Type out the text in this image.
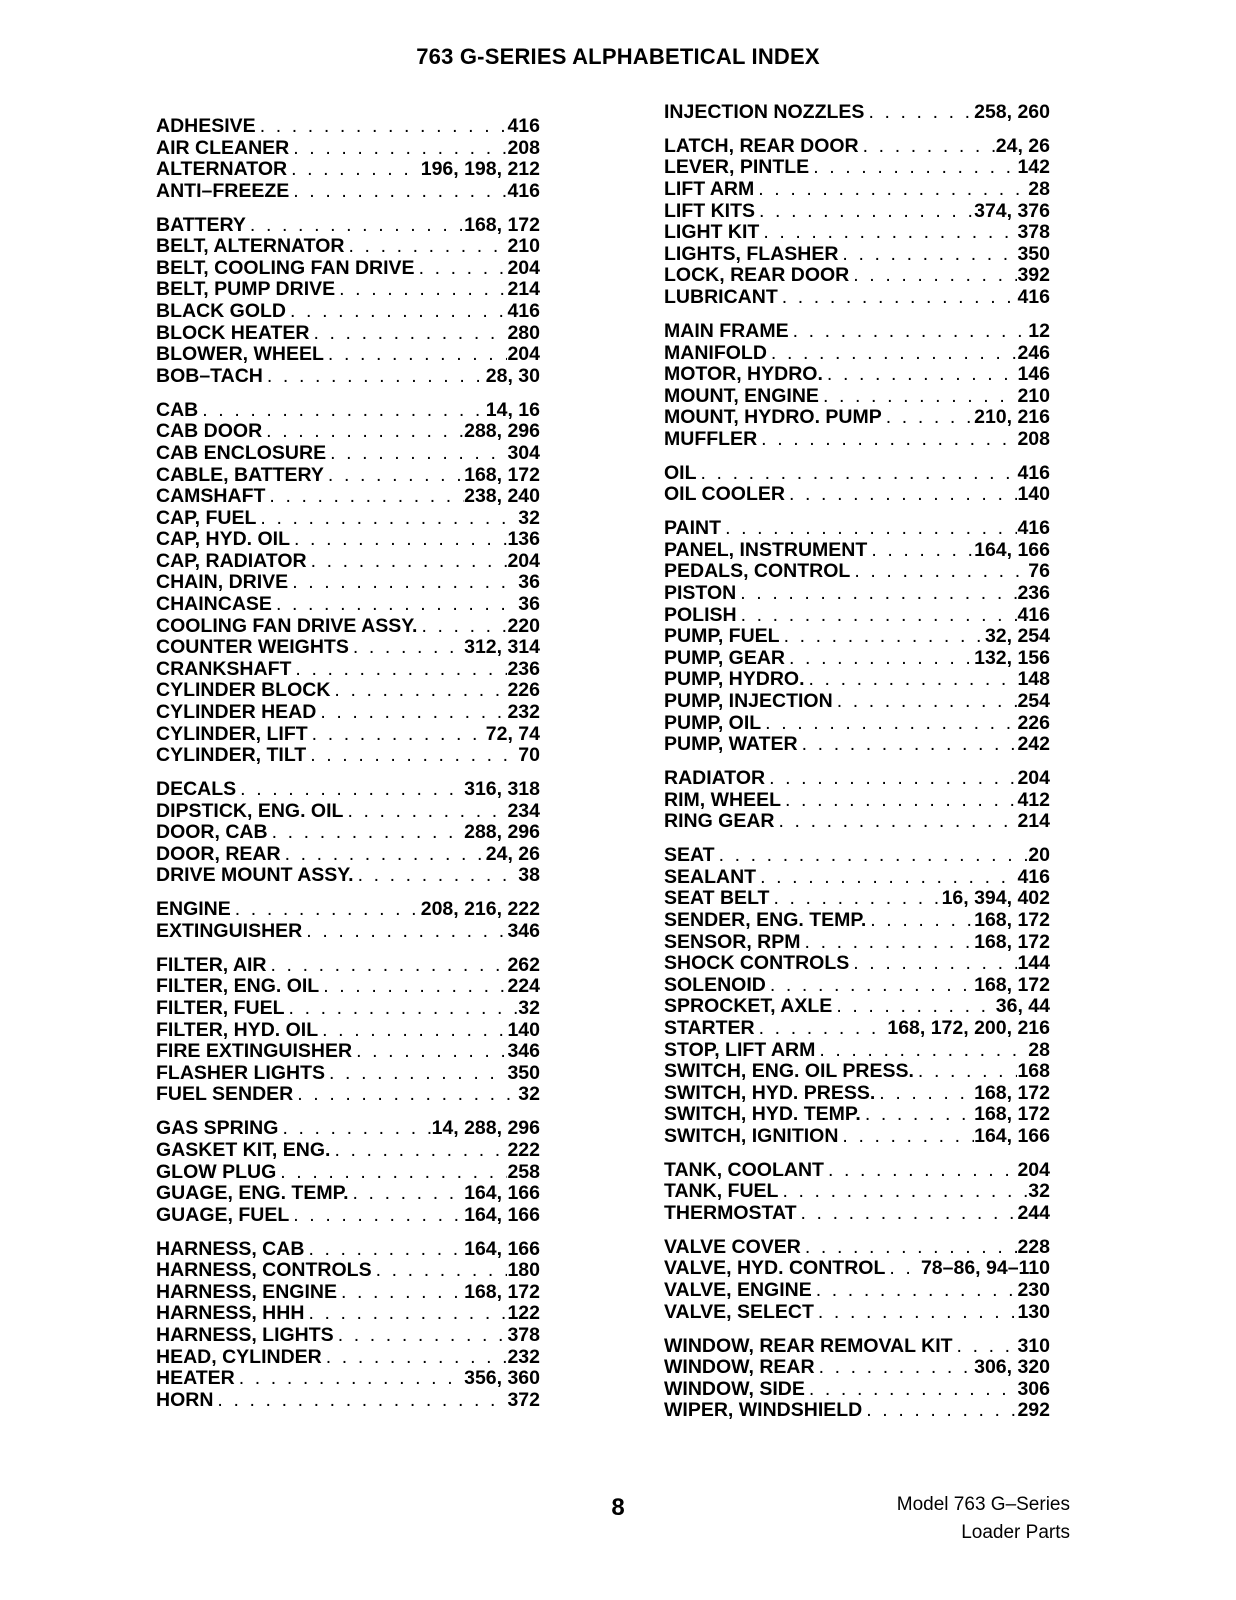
763 G-SERIES ALPHABETICAL INDEX
ADHESIVE . . .	416
AIR CLEANER . . .	208
ALTERNATOR . . .	196, 198, 212
ANTI–FREEZE . . .	416
BATTERY . . .	168, 172
BELT, ALTERNATOR . . .	210
BELT, COOLING FAN DRIVE . . .	204
BELT, PUMP DRIVE . . .	214
BLACK GOLD . . .	416
BLOCK HEATER . . .	280
BLOWER, WHEEL . . .	204
BOB–TACH . . .	28, 30
CAB . . .	14, 16
CAB DOOR . . .	288, 296
CAB ENCLOSURE . . .	304
CABLE, BATTERY . . .	168, 172
CAMSHAFT . . .	238, 240
CAP, FUEL . . .	32
CAP, HYD. OIL . . .	136
CAP, RADIATOR . . .	204
CHAIN, DRIVE . . .	36
CHAINCASE . . .	36
COOLING FAN DRIVE ASSY. . . .	220
COUNTER WEIGHTS . . .	312, 314
CRANKSHAFT . . .	236
CYLINDER BLOCK . . .	226
CYLINDER HEAD . . .	232
CYLINDER, LIFT . . .	72, 74
CYLINDER, TILT . . .	70
DECALS . . .	316, 318
DIPSTICK, ENG. OIL . . .	234
DOOR, CAB . . .	288, 296
DOOR, REAR . . .	24, 26
DRIVE MOUNT ASSY. . . .	38
ENGINE . . .	208, 216, 222
EXTINGUISHER . . .	346
FILTER, AIR . . .	262
FILTER, ENG. OIL . . .	224
FILTER, FUEL . . .	32
FILTER, HYD. OIL . . .	140
FIRE EXTINGUISHER . . .	346
FLASHER LIGHTS . . .	350
FUEL SENDER . . .	32
GAS SPRING . . .	14, 288, 296
GASKET KIT, ENG. . . .	222
GLOW PLUG . . .	258
GUAGE, ENG. TEMP. . . .	164, 166
GUAGE, FUEL . . .	164, 166
HARNESS, CAB . . .	164, 166
HARNESS, CONTROLS . . .	180
HARNESS, ENGINE . . .	168, 172
HARNESS, HHH . . .	122
HARNESS, LIGHTS . . .	378
HEAD, CYLINDER . . .	232
HEATER . . .	356, 360
HORN . . .	372
INJECTION NOZZLES . . .	258, 260
LATCH, REAR DOOR . . .	24, 26
LEVER, PINTLE . . .	142
LIFT ARM . . .	28
LIFT KITS . . .	374, 376
LIGHT KIT . . .	378
LIGHTS, FLASHER . . .	350
LOCK, REAR DOOR . . .	392
LUBRICANT . . .	416
MAIN FRAME . . .	12
MANIFOLD . . .	246
MOTOR, HYDRO. . . .	146
MOUNT, ENGINE . . .	210
MOUNT, HYDRO. PUMP . . .	210, 216
MUFFLER . . .	208
OIL . . .	416
OIL COOLER . . .	140
PAINT . . .	416
PANEL, INSTRUMENT . . .	164, 166
PEDALS, CONTROL . . .	76
PISTON . . .	236
POLISH . . .	416
PUMP, FUEL . . .	32, 254
PUMP, GEAR . . .	132, 156
PUMP, HYDRO. . . .	148
PUMP, INJECTION . . .	254
PUMP, OIL . . .	226
PUMP, WATER . . .	242
RADIATOR . . .	204
RIM, WHEEL . . .	412
RING GEAR . . .	214
SEAT . . .	20
SEALANT . . .	416
SEAT BELT . . .	16, 394, 402
SENDER, ENG. TEMP. . . .	168, 172
SENSOR, RPM . . .	168, 172
SHOCK CONTROLS . . .	144
SOLENOID . . .	168, 172
SPROCKET, AXLE . . .	36, 44
STARTER . . .	168, 172, 200, 216
STOP, LIFT ARM . . .	28
SWITCH, ENG. OIL PRESS. . . .	168
SWITCH, HYD. PRESS. . . .	168, 172
SWITCH, HYD. TEMP. . . .	168, 172
SWITCH, IGNITION . . .	164, 166
TANK, COOLANT . . .	204
TANK, FUEL . . .	32
THERMOSTAT . . .	244
VALVE COVER . . .	228
VALVE, HYD. CONTROL . . . 78–86, 94–110
VALVE, ENGINE . . .	230
VALVE, SELECT . . .	130
WINDOW, REAR REMOVAL KIT . . .	310
WINDOW, REAR . . .	306, 320
WINDOW, SIDE . . .	306
WIPER, WINDSHIELD . . .	292
8	Model 763 G–Series
Loader Parts
